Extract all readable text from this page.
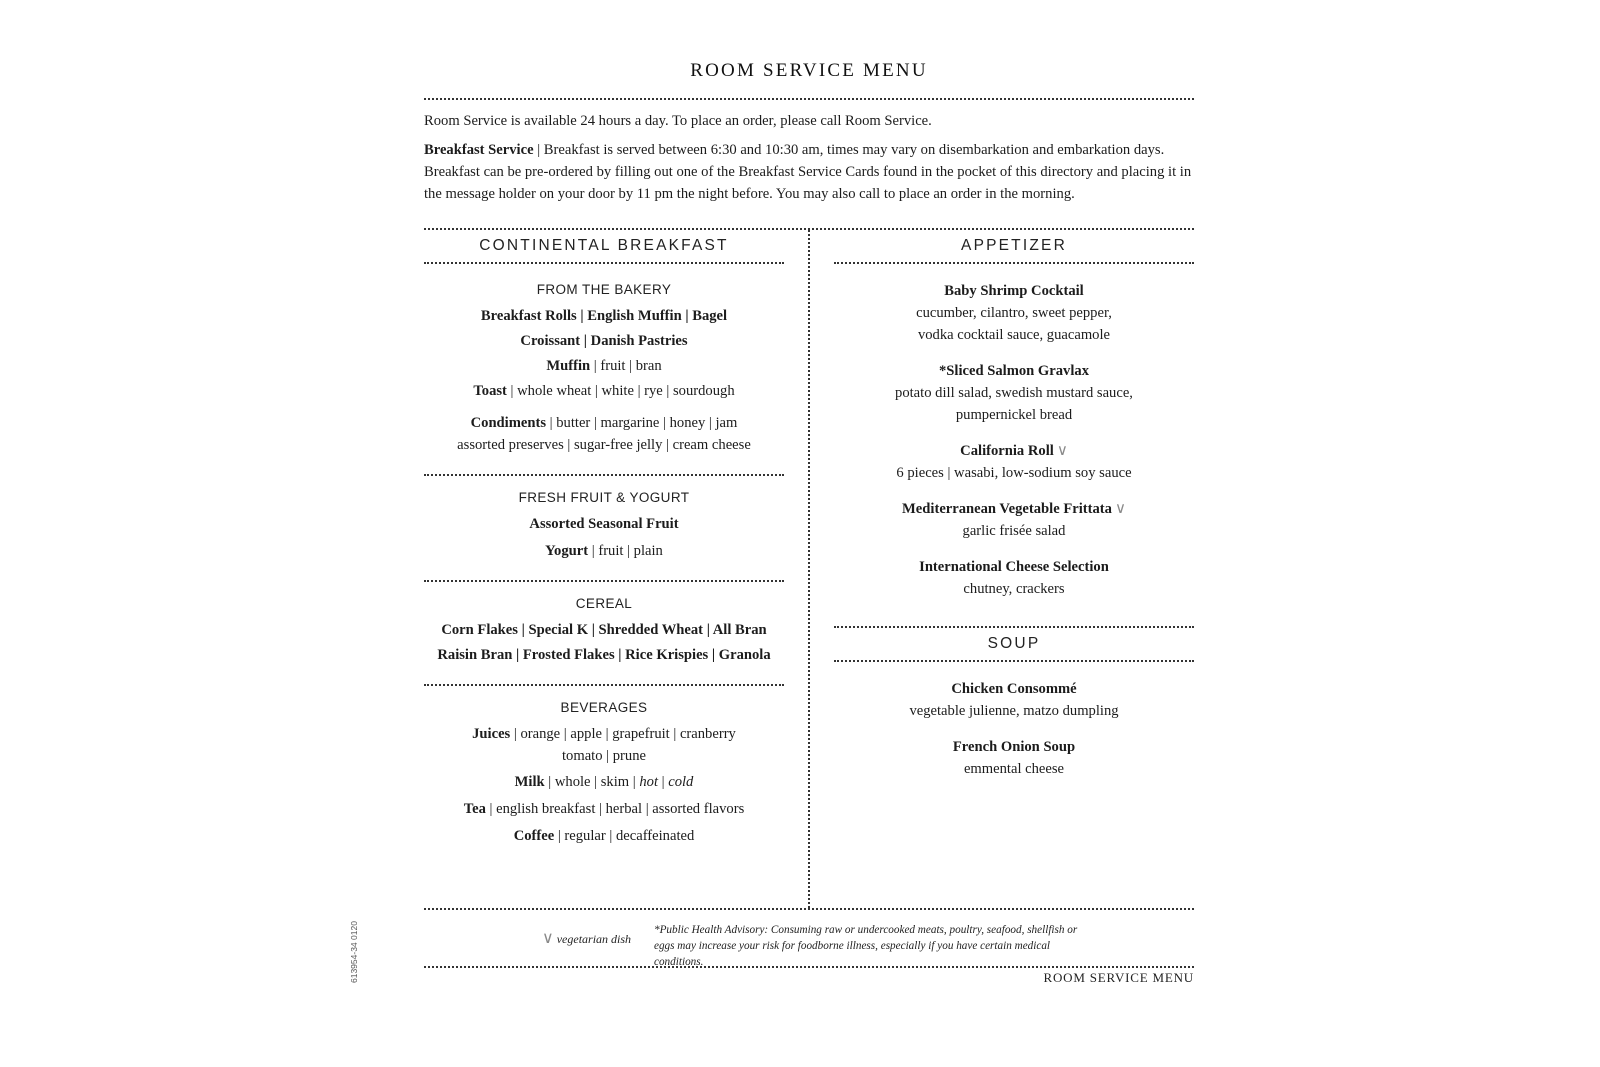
613954-34 0120
ROOM SERVICE MENU

Room Service is available 24 hours a day. To place an order, please call Room Service.

Breakfast Service | Breakfast is served between 6:30 and 10:30 am, times may vary on disembarkation and embarkation days. Breakfast can be pre-ordered by filling out one of the Breakfast Service Cards found in the pocket of this directory and placing it in the message holder on your door by 11 pm the night before. You may also call to place an order in the morning.

CONTINENTAL BREAKFAST
FROM THE BAKERY
Breakfast Rolls | English Muffin | Bagel
Croissant | Danish Pastries
Muffin | fruit | bran
Toast | whole wheat | white | rye | sourdough
Condiments | butter | margarine | honey | jam
assorted preserves | sugar-free jelly | cream cheese
FRESH FRUIT & YOGURT
Assorted Seasonal Fruit
Yogurt | fruit | plain
CEREAL
Corn Flakes | Special K | Shredded Wheat | All Bran
Raisin Bran | Frosted Flakes | Rice Krispies | Granola
BEVERAGES
Juices | orange | apple | grapefruit | cranberry
tomato | prune
Milk | whole | skim | hot | cold
Tea | english breakfast | herbal | assorted flavors
Coffee | regular | decaffeinated
APPETIZER
Baby Shrimp Cocktail
cucumber, cilantro, sweet pepper,
vodka cocktail sauce, guacamole
*Sliced Salmon Gravlax
potato dill salad, swedish mustard sauce,
pumpernickel bread
California Roll ∨
6 pieces | wasabi, low-sodium soy sauce
Mediterranean Vegetable Frittata ∨
garlic frisée salad
International Cheese Selection
chutney, crackers
SOUP
Chicken Consommé
vegetable julienne, matzo dumpling
French Onion Soup
emmental cheese
∨ vegetarian dish
*Public Health Advisory: Consuming raw or undercooked meats, poultry, seafood, shellfish or eggs may increase your risk for foodborne illness, especially if you have certain medical conditions.
ROOM SERVICE MENU
